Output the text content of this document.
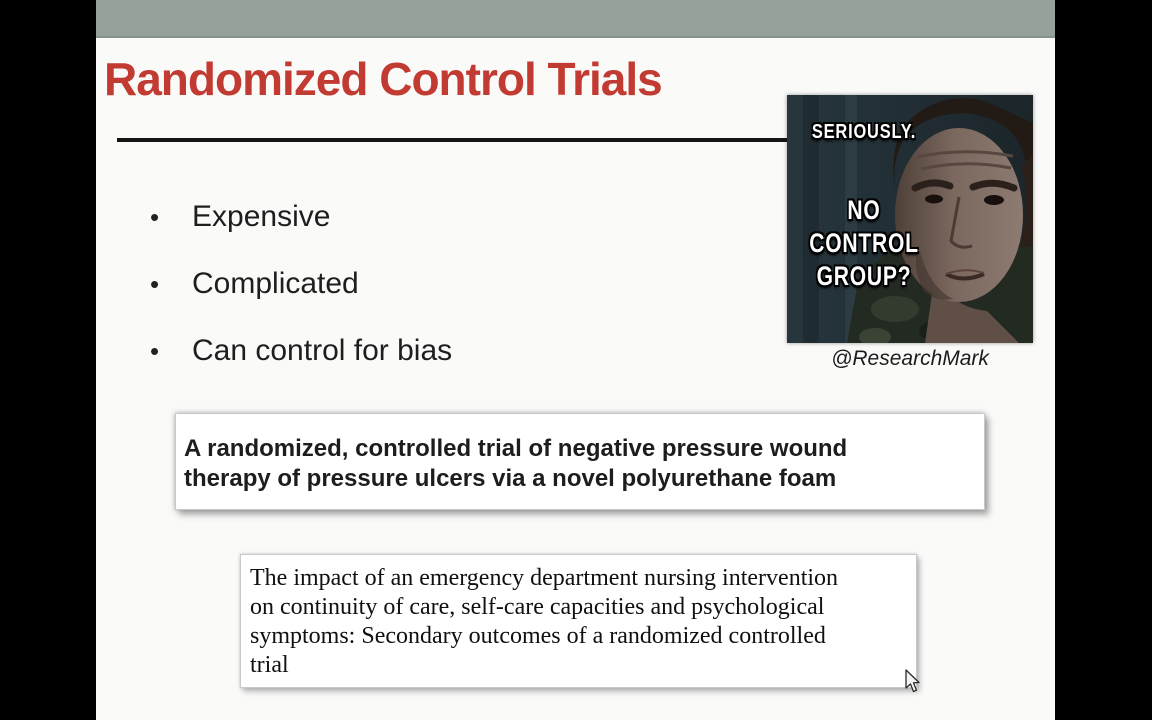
Randomized Control Trials
•	Expensive
•	Complicated
•	Can control for bias
SERIOUSLY.
NO
CONTROL
GROUP?
@ResearchMark
A randomized, controlled trial of negative pressure wound
therapy of pressure ulcers via a novel polyurethane foam
The impact of an emergency department nursing intervention
on continuity of care, self-care capacities and psychological
symptoms: Secondary outcomes of a randomized controlled
trial
